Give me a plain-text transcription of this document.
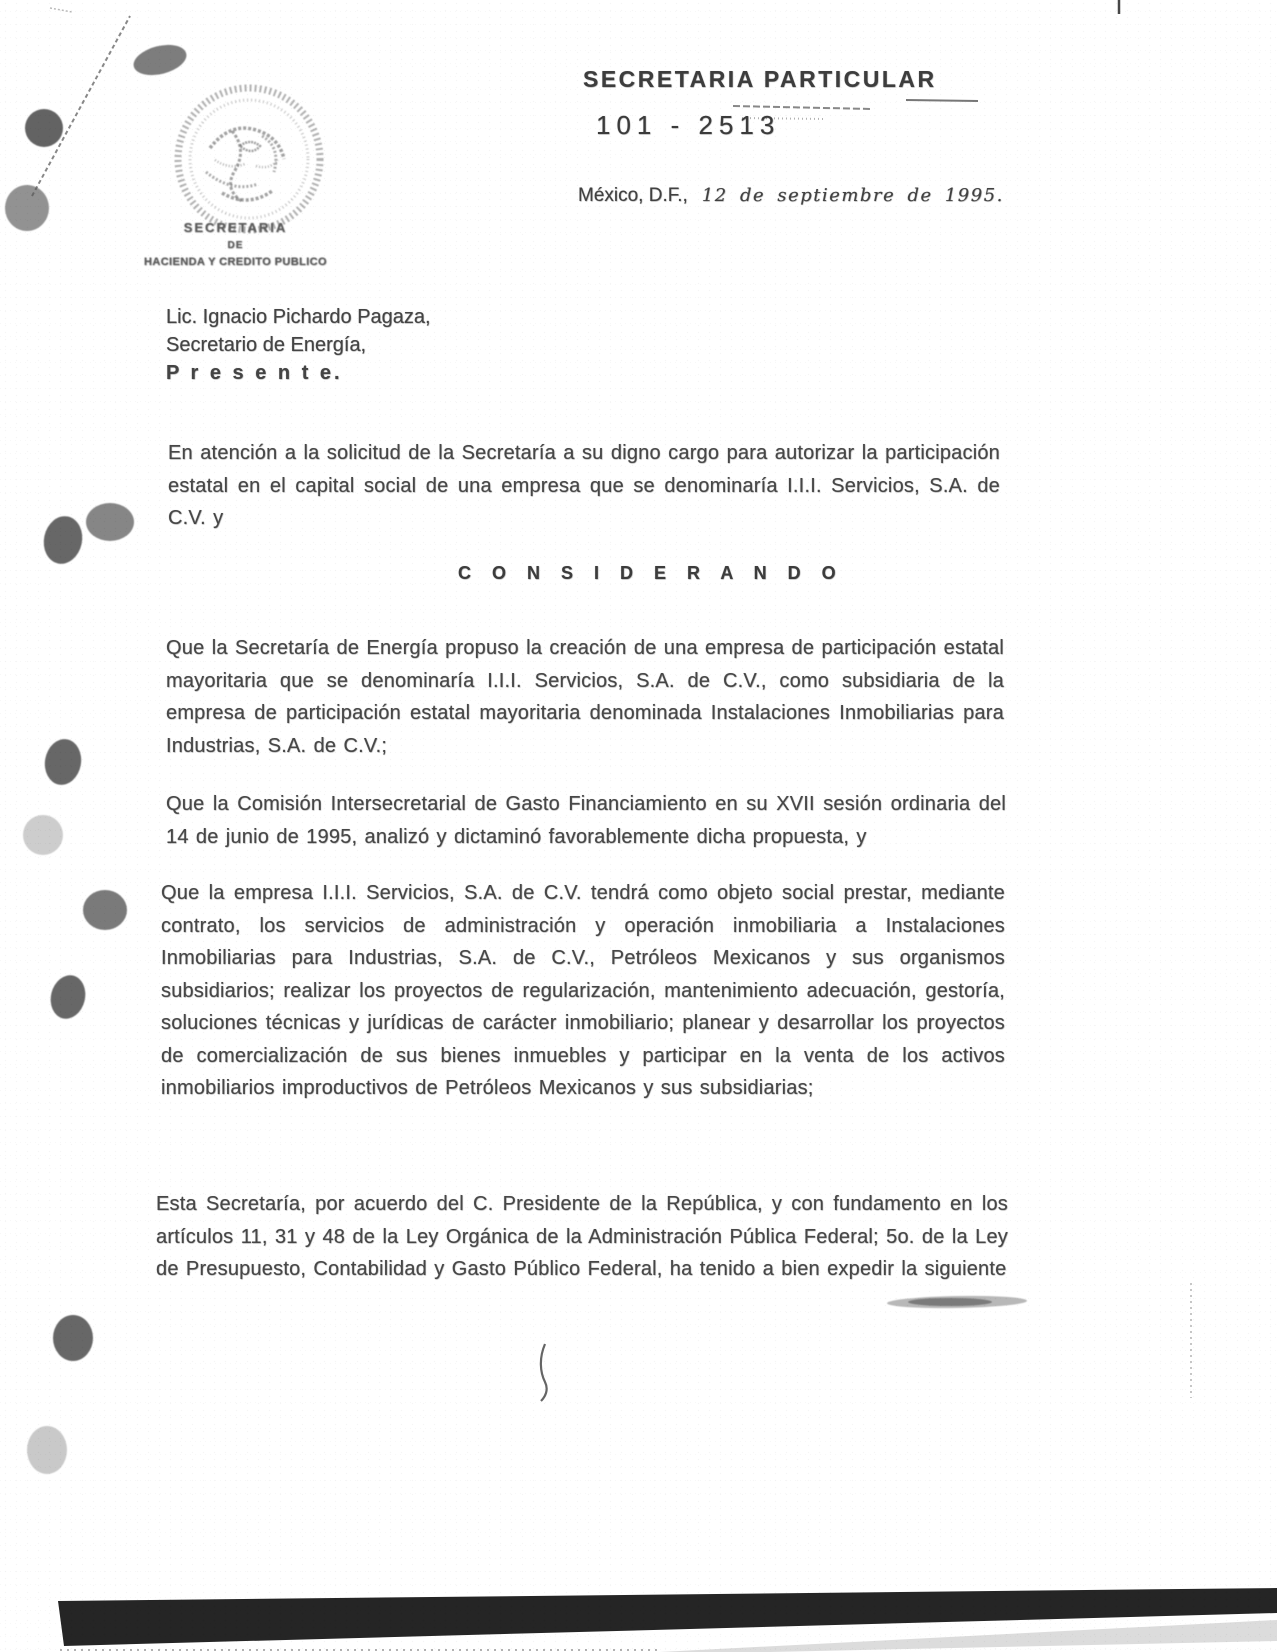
SECRETARIA
DE
HACIENDA Y CREDITO PUBLICO
SECRETARIA PARTICULAR
101 - 2513
México, D.F., 12 de septiembre de 1995.
Lic. Ignacio Pichardo Pagaza,
Secretario de Energía,
P r e s e n t e.
En atención a la solicitud de la Secretaría a su digno cargo para autorizar la participación estatal en el capital social de una empresa que se denominaría I.I.I. Servicios, S.A. de C.V. y
C O N S I D E R A N D O
Que la Secretaría de Energía propuso la creación de una empresa de participación estatal mayoritaria que se denominaría I.I.I. Servicios, S.A. de C.V., como subsidiaria de la empresa de participación estatal mayoritaria denominada Instalaciones Inmobiliarias para Industrias, S.A. de C.V.;
Que la Comisión Intersecretarial de Gasto Financiamiento en su XVII sesión ordinaria del 14 de junio de 1995, analizó y dictaminó favorablemente dicha propuesta, y
Que la empresa I.I.I. Servicios, S.A. de C.V. tendrá como objeto social prestar, mediante contrato, los servicios de administración y operación inmobiliaria a Instalaciones Inmobiliarias para Industrias, S.A. de C.V., Petróleos Mexicanos y sus organismos subsidiarios; realizar los proyectos de regularización, mantenimiento adecuación, gestoría, soluciones técnicas y jurídicas de carácter inmobiliario; planear y desarrollar los proyectos de comercialización de sus bienes inmuebles y participar en la venta de los activos inmobiliarios improductivos de Petróleos Mexicanos y sus subsidiarias;
Esta Secretaría, por acuerdo del C. Presidente de la República, y con fundamento en los artículos 11, 31 y 48 de la Ley Orgánica de la Administración Pública Federal; 5o. de la Ley de Presupuesto, Contabilidad y Gasto Público Federal, ha tenido a bien expedir la siguiente
